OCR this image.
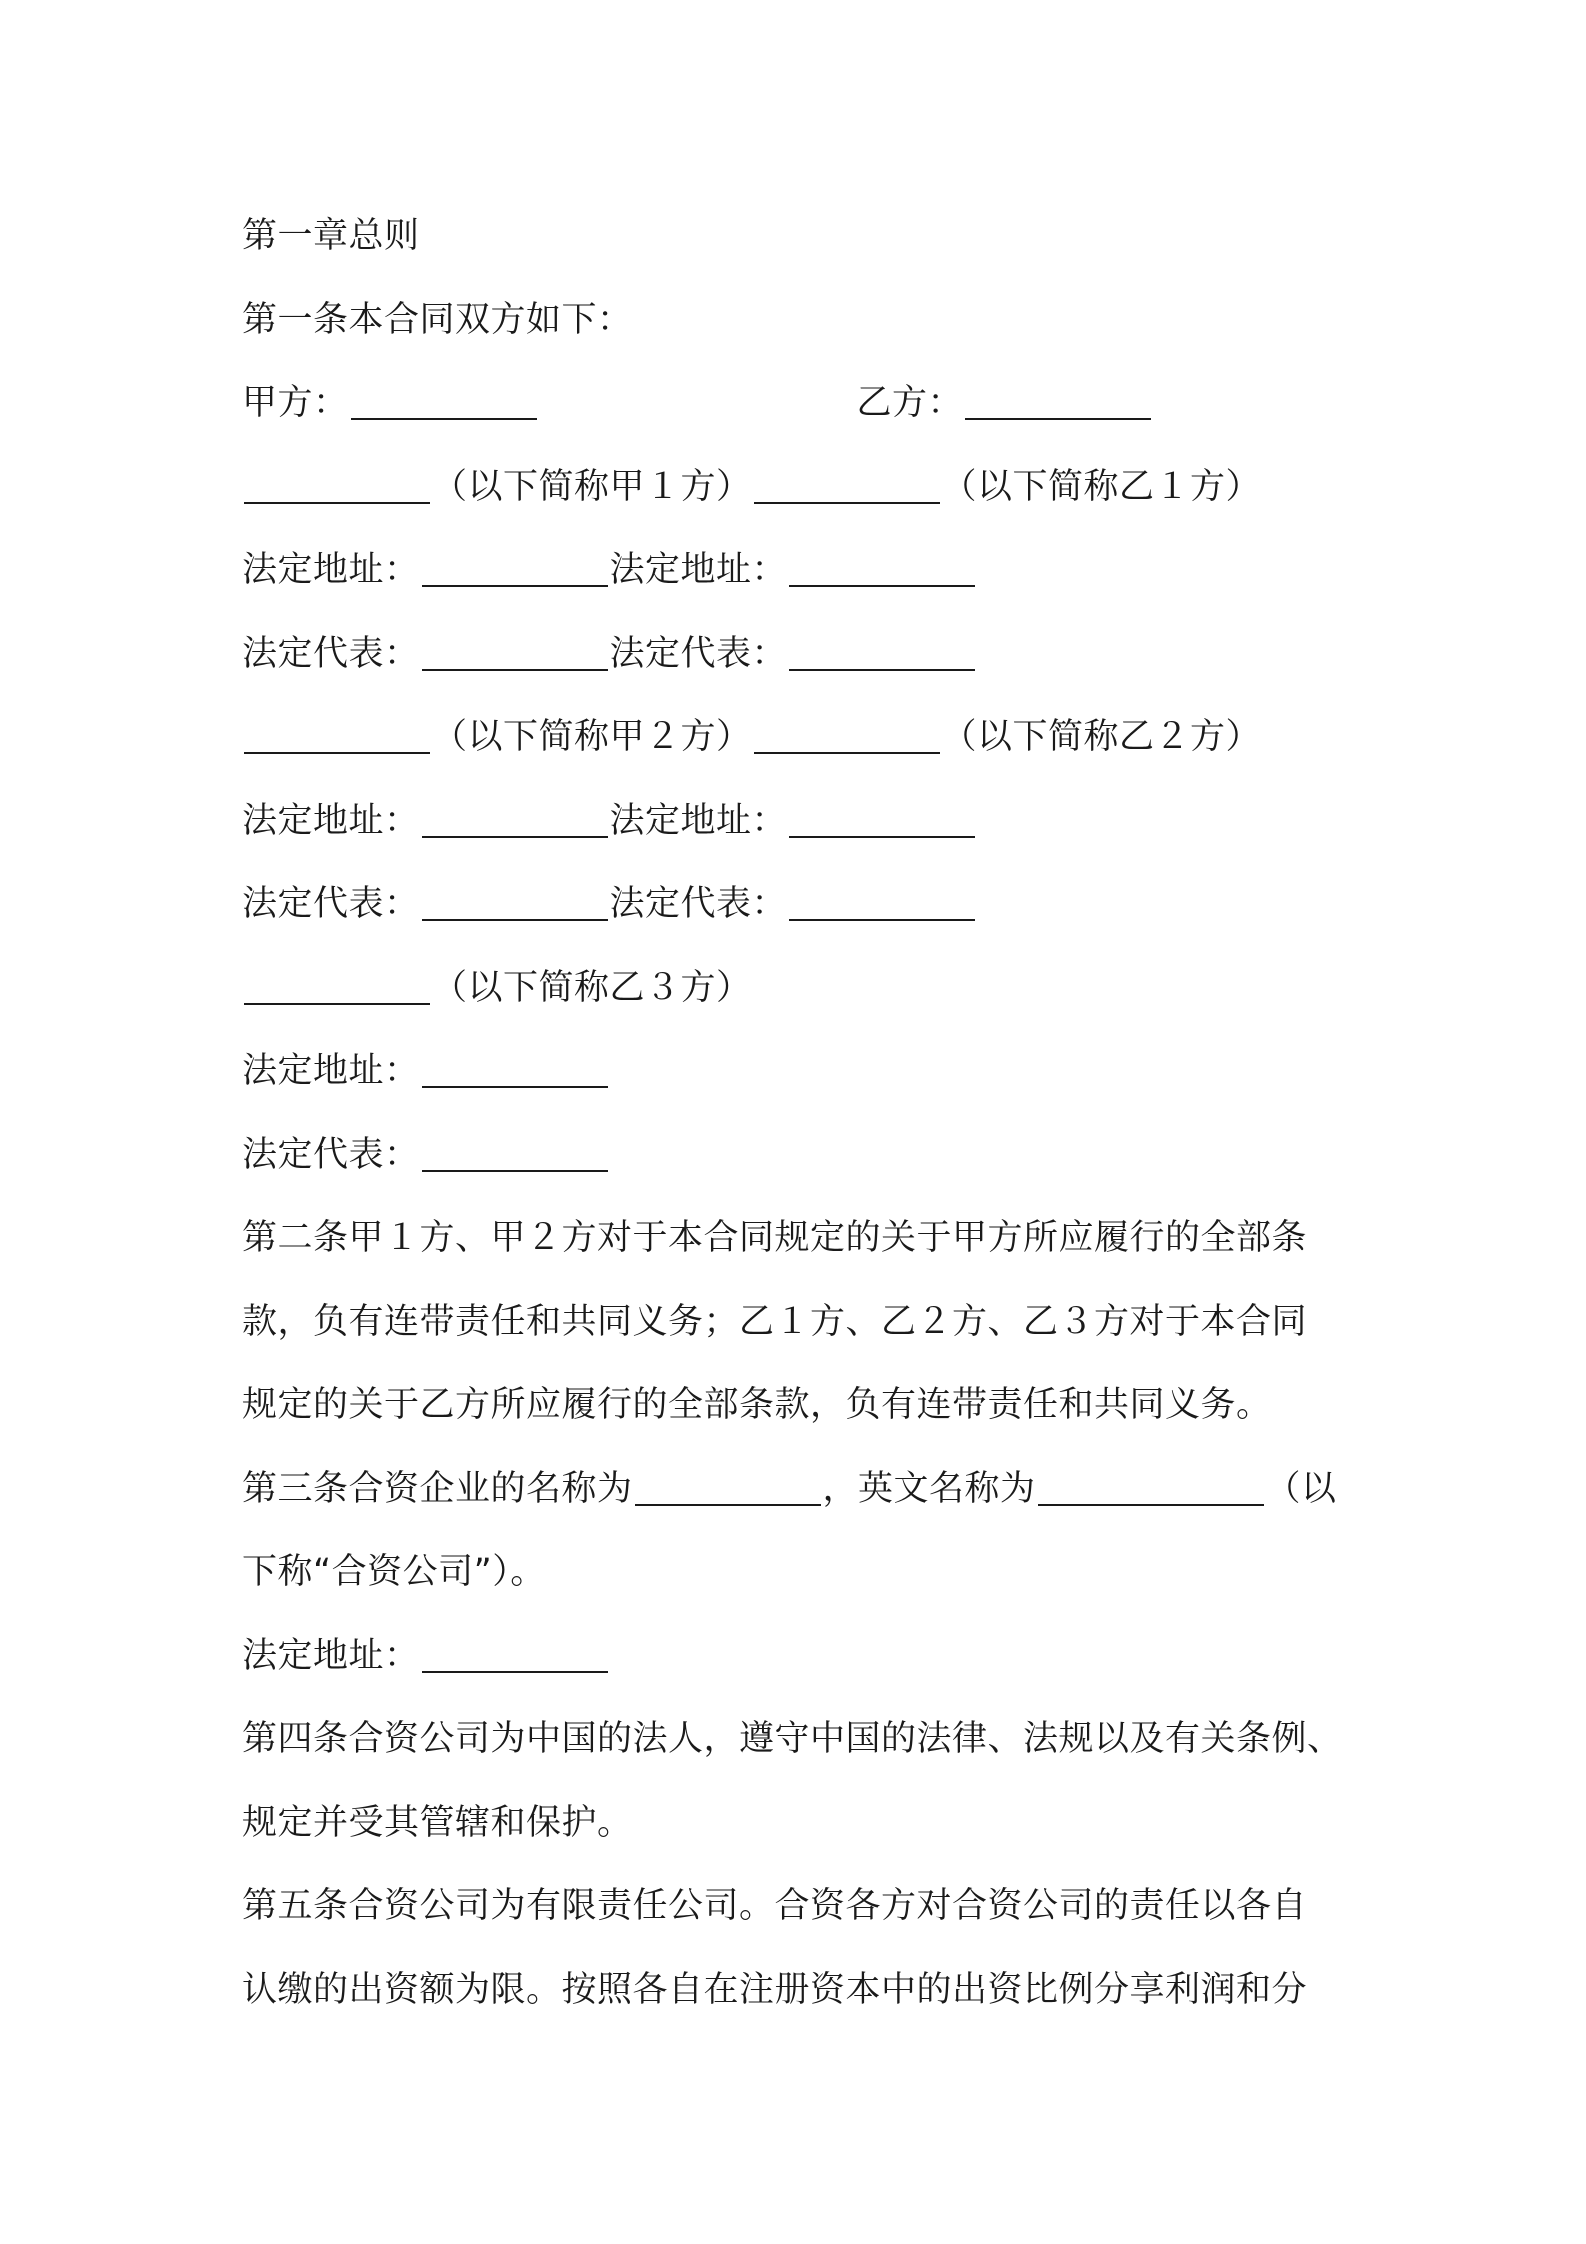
第一章总则
第一条本合同双方如下：
甲方：	乙方：
（以下简称甲１方）	（以下简称乙１方）
法定地址：	法定地址：
法定代表：	法定代表：
（以下简称甲２方）	（以下简称乙２方）
法定地址：	法定地址：
法定代表：	法定代表：
（以下简称乙３方）
法定地址：
法定代表：
第二条甲１方、甲２方对于本合同规定的关于甲方所应履行的全部条
款，负有连带责任和共同义务；乙１方、乙２方、乙３方对于本合同
规定的关于乙方所应履行的全部条款，负有连带责任和共同义务。
第三条合资企业的名称为	，英文名称为	（以
下称“合资公司”）。
法定地址：
第四条合资公司为中国的法人，遵守中国的法律、法规以及有关条例、
规定并受其管辖和保护。
第五条合资公司为有限责任公司。合资各方对合资公司的责任以各自
认缴的出资额为限。按照各自在注册资本中的出资比例分享利润和分
